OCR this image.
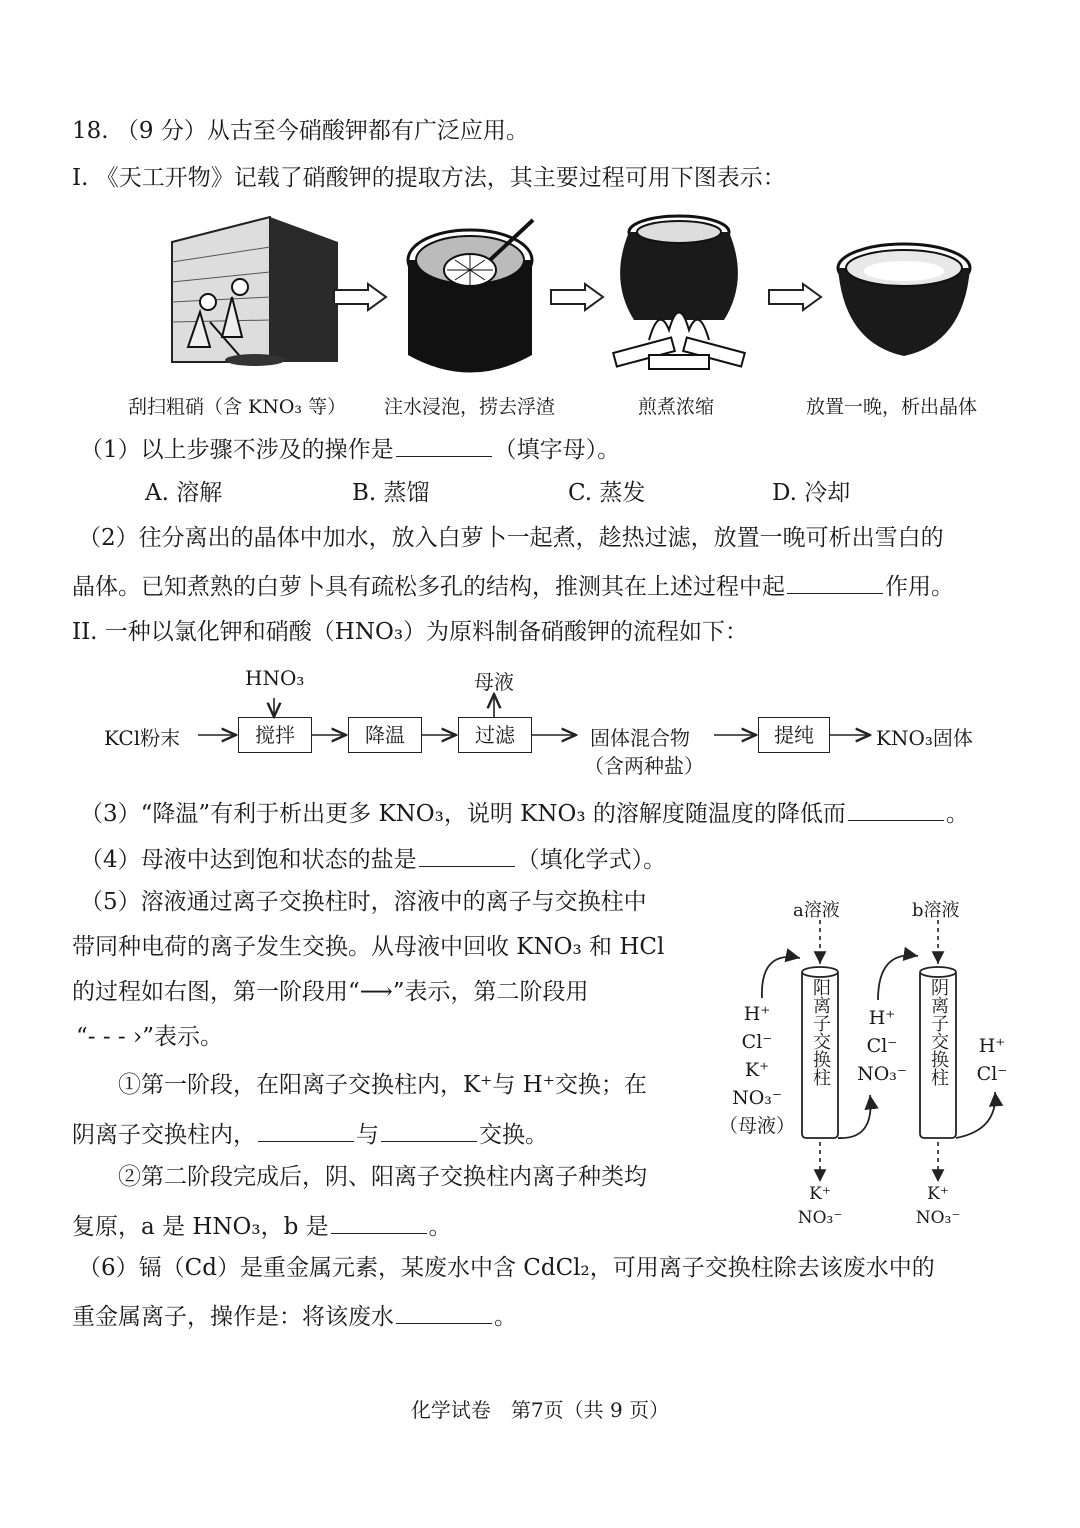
18. （9 分）从古至今硝酸钾都有广泛应用。
I. 《天工开物》记载了硝酸钾的提取方法，其主要过程可用下图表示：
刮扫粗硝（含 KNO₃ 等） 注水浸泡，捞去浮渣	煎煮浓缩	放置一晚，析出晶体
（1）以上步骤不涉及的操作是	（填字母）。
A. 溶解	B. 蒸馏	C. 蒸发	D. 冷却
（2）往分离出的晶体中加水，放入白萝卜一起煮，趁热过滤，放置一晚可析出雪白的
晶体。已知煮熟的白萝卜具有疏松多孔的结构，推测其在上述过程中起	作用。
II. 一种以氯化钾和硝酸（HNO₃）为原料制备硝酸钾的流程如下：
HNO₃	母液
KCl粉末	搅拌	降温	过滤	固体混合物
（含两种盐）
提纯	KNO₃固体
（3）“降温”有利于析出更多 KNO₃，说明 KNO₃ 的溶解度随温度的降低而	。
（4）母液中达到饱和状态的盐是	（填化学式）。
（5）溶液通过离子交换柱时，溶液中的离子与交换柱中
带同种电荷的离子发生交换。从母液中回收 KNO₃ 和 HCl
的过程如右图，第一阶段用“⟶”表示，第二阶段用
“- - - ›”表示。
①第一阶段，在阳离子交换柱内，K⁺与 H⁺交换；在
阴离子交换柱内，	与	交换。
②第二阶段完成后，阴、阳离子交换柱内离子种类均
复原，a 是 HNO₃，b 是	。
a溶液	b溶液
阳离子交换柱	阴离子交换柱
H⁺
Cl⁻
K⁺
NO₃⁻
（母液）
H⁺
Cl⁻
NO₃⁻
H⁺
Cl⁻
K⁺
NO₃⁻
K⁺
NO₃⁻
（6）镉（Cd）是重金属元素，某废水中含 CdCl₂，可用离子交换柱除去该废水中的
重金属离子，操作是：将该废水	。
化学试卷　第7页（共 9 页）
